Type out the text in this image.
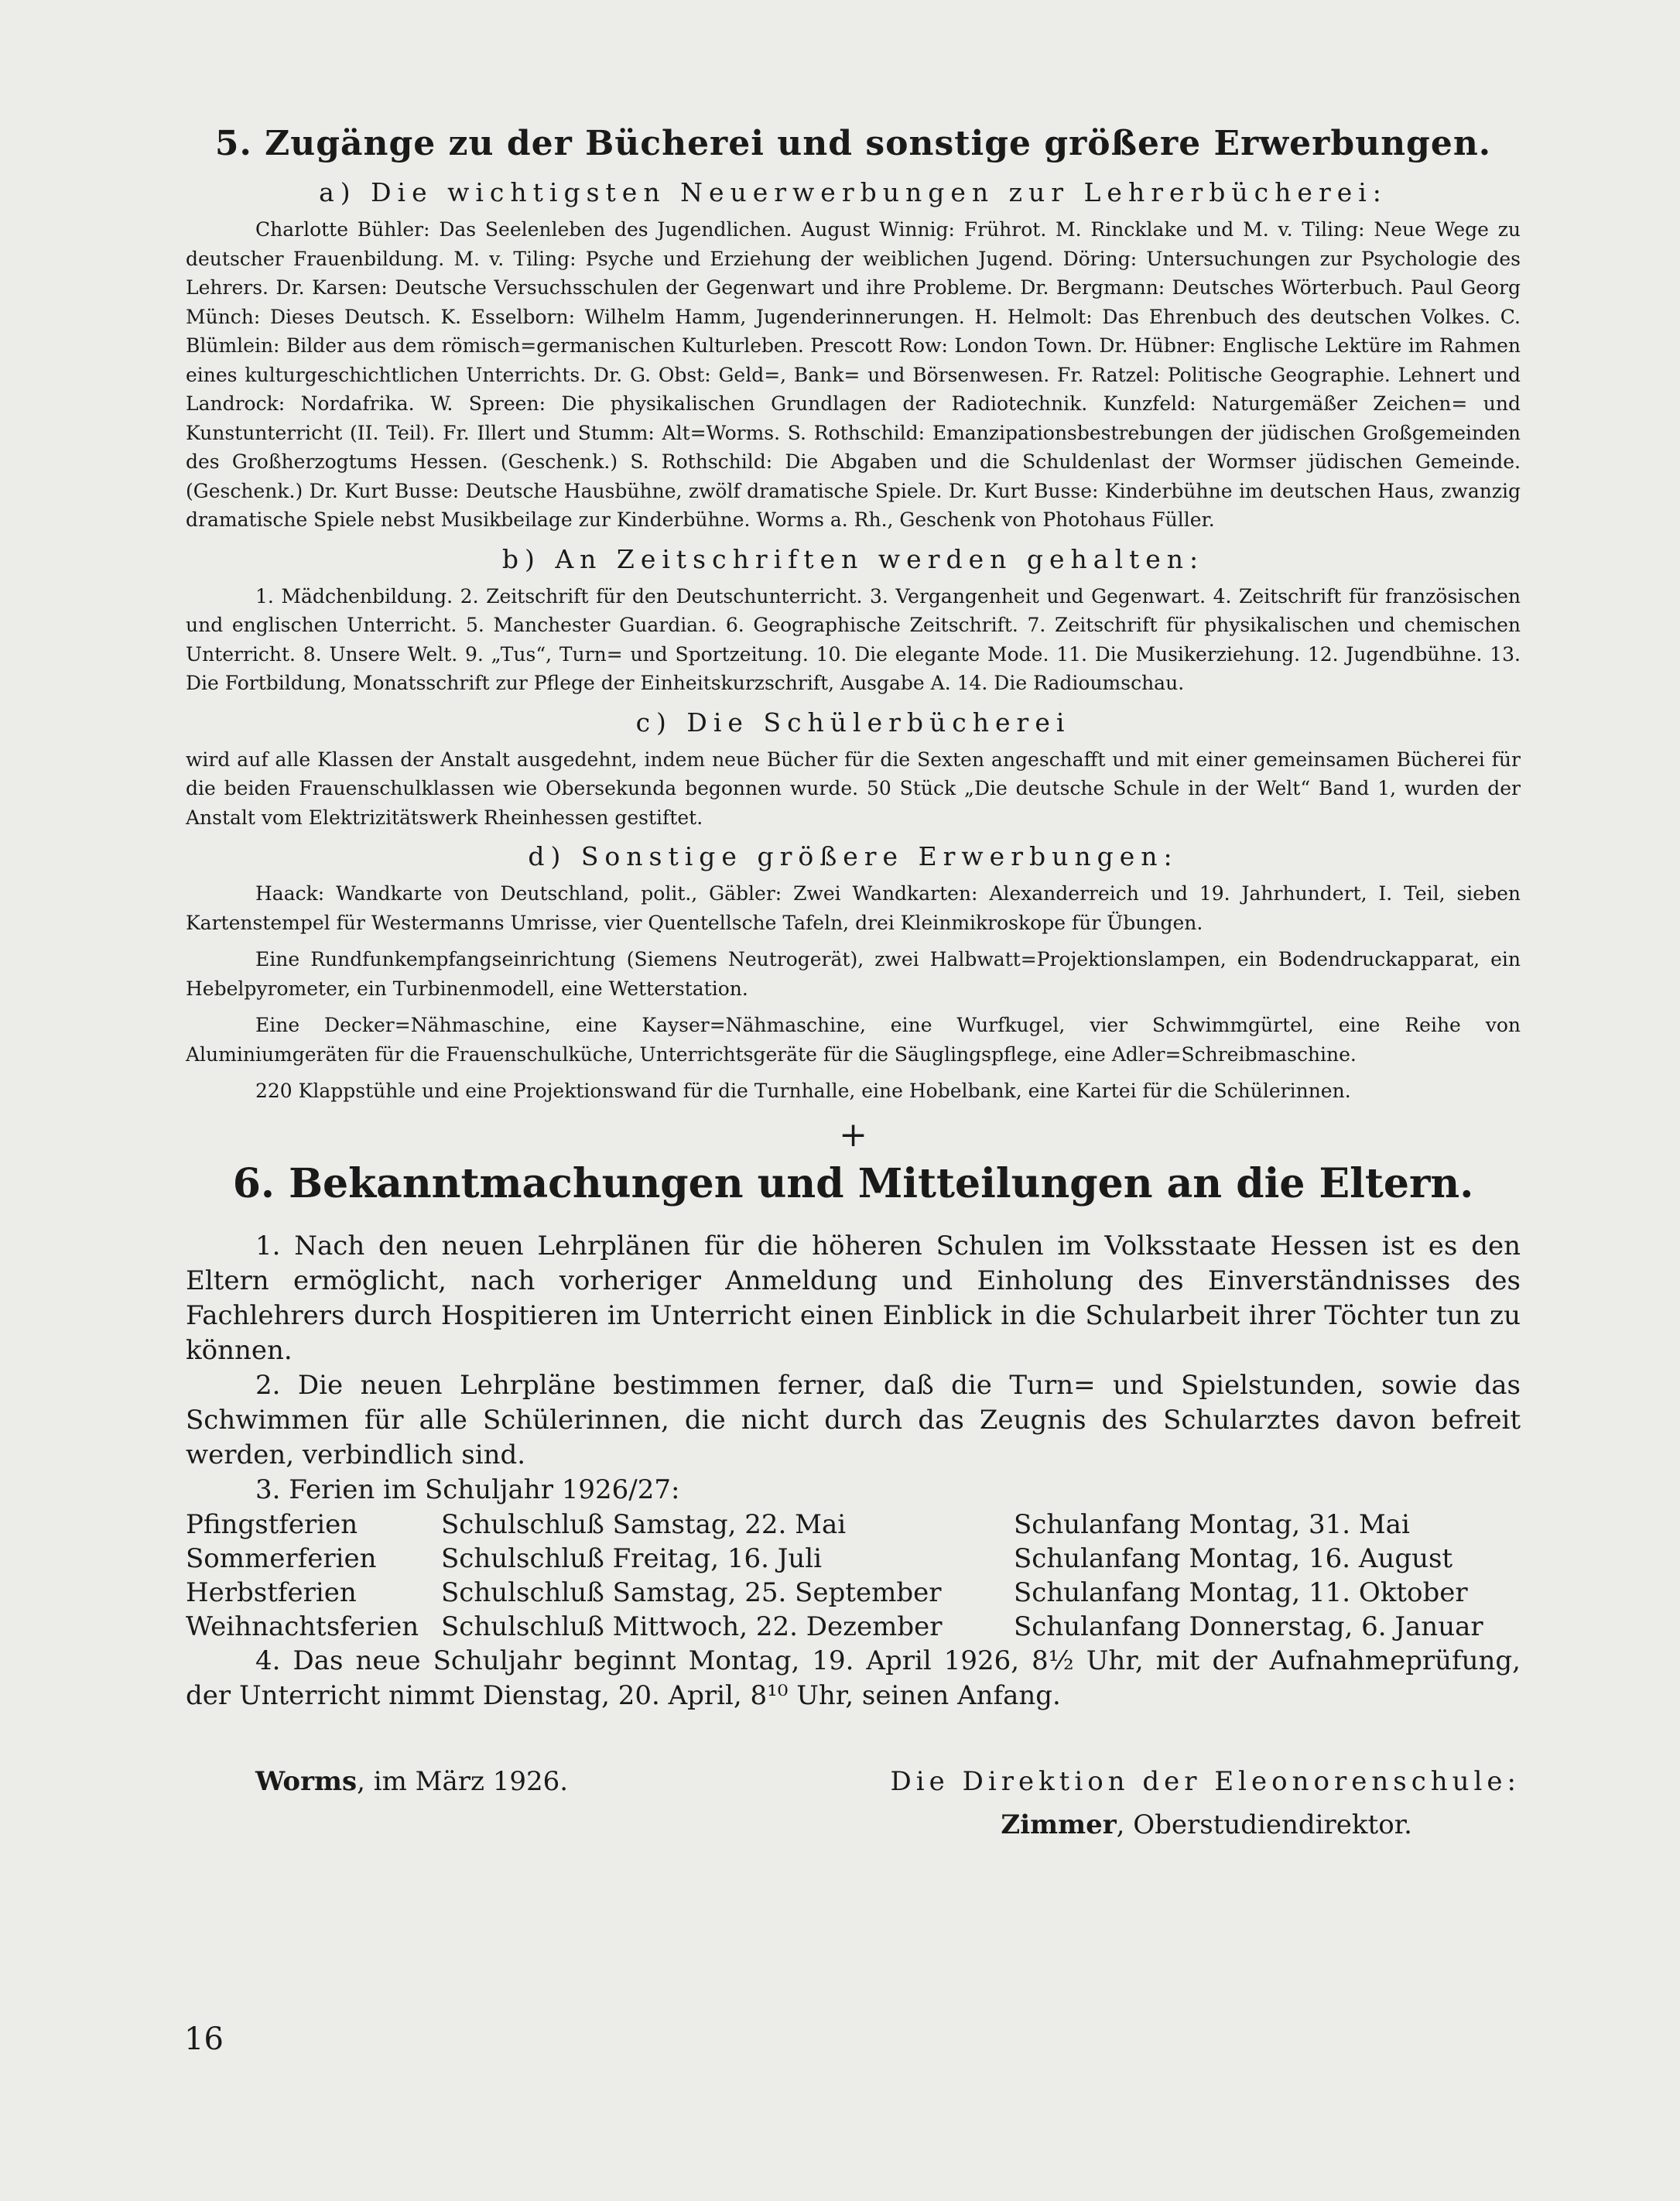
5. Zugänge zu der Bücherei und sonstige größere Erwerbungen.
a) Die wichtigsten Neuerwerbungen zur Lehrerbücherei:

Charlotte Bühler: Das Seelenleben des Jugendlichen. August Winnig: Frührot. M. Rincklake und M. v. Tiling: Neue Wege zu deutscher Frauenbildung. M. v. Tiling: Psyche und Erziehung der weiblichen Jugend. Döring: Untersuchungen zur Psychologie des Lehrers. Dr. Karsen: Deutsche Versuchsschulen der Gegenwart und ihre Probleme. Dr. Bergmann: Deutsches Wörterbuch. Paul Georg Münch: Dieses Deutsch. K. Esselborn: Wilhelm Hamm, Jugenderinnerungen. H. Helmolt: Das Ehrenbuch des deutschen Volkes. C. Blümlein: Bilder aus dem römisch=germanischen Kulturleben. Prescott Row: London Town. Dr. Hübner: Englische Lektüre im Rahmen eines kulturgeschichtlichen Unterrichts. Dr. G. Obst: Geld=, Bank= und Börsenwesen. Fr. Ratzel: Politische Geographie. Lehnert und Landrock: Nordafrika. W. Spreen: Die physikalischen Grundlagen der Radiotechnik. Kunzfeld: Naturgemäßer Zeichen= und Kunstunterricht (II. Teil). Fr. Illert und Stumm: Alt=Worms. S. Rothschild: Emanzipationsbestrebungen der jüdischen Großgemeinden des Großherzogtums Hessen. (Geschenk.) S. Rothschild: Die Abgaben und die Schuldenlast der Wormser jüdischen Gemeinde. (Geschenk.) Dr. Kurt Busse: Deutsche Hausbühne, zwölf dramatische Spiele. Dr. Kurt Busse: Kinderbühne im deutschen Haus, zwanzig dramatische Spiele nebst Musikbeilage zur Kinderbühne. Worms a. Rh., Geschenk von Photohaus Füller.

b) An Zeitschriften werden gehalten:

1. Mädchenbildung. 2. Zeitschrift für den Deutschunterricht. 3. Vergangenheit und Gegenwart. 4. Zeitschrift für französischen und englischen Unterricht. 5. Manchester Guardian. 6. Geographische Zeitschrift. 7. Zeitschrift für physikalischen und chemischen Unterricht. 8. Unsere Welt. 9. „Tus“, Turn= und Sportzeitung. 10. Die elegante Mode. 11. Die Musikerziehung. 12. Jugendbühne. 13. Die Fortbildung, Monatsschrift zur Pflege der Einheitskurzschrift, Ausgabe A. 14. Die Radioumschau.

c) Die Schülerbücherei

wird auf alle Klassen der Anstalt ausgedehnt, indem neue Bücher für die Sexten angeschafft und mit einer gemeinsamen Bücherei für die beiden Frauenschulklassen wie Obersekunda begonnen wurde. 50 Stück „Die deutsche Schule in der Welt“ Band 1, wurden der Anstalt vom Elektrizitätswerk Rheinhessen gestiftet.

d) Sonstige größere Erwerbungen:

Haack: Wandkarte von Deutschland, polit., Gäbler: Zwei Wandkarten: Alexanderreich und 19. Jahrhundert, I. Teil, sieben Kartenstempel für Westermanns Umrisse, vier Quentellsche Tafeln, drei Kleinmikroskope für Übungen.

Eine Rundfunkempfangseinrichtung (Siemens Neutrogerät), zwei Halbwatt=Projektionslampen, ein Bodendruckapparat, ein Hebelpyrometer, ein Turbinenmodell, eine Wetterstation.

Eine Decker=Nähmaschine, eine Kayser=Nähmaschine, eine Wurfkugel, vier Schwimmgürtel, eine Reihe von Aluminiumgeräten für die Frauenschulküche, Unterrichtsgeräte für die Säuglingspflege, eine Adler=Schreibmaschine.

220 Klappstühle und eine Projektionswand für die Turnhalle, eine Hobelbank, eine Kartei für die Schülerinnen.

+
6. Bekanntmachungen und Mitteilungen an die Eltern.

1. Nach den neuen Lehrplänen für die höheren Schulen im Volksstaate Hessen ist es den Eltern ermöglicht, nach vorheriger Anmeldung und Einholung des Einverständnisses des Fachlehrers durch Hospitieren im Unterricht einen Einblick in die Schularbeit ihrer Töchter tun zu können.

2. Die neuen Lehrpläne bestimmen ferner, daß die Turn= und Spielstunden, sowie das Schwimmen für alle Schülerinnen, die nicht durch das Zeugnis des Schularztes davon befreit werden, verbindlich sind.

3. Ferien im Schuljahr 1926/27:

Pfingstferien	Schulschluß Samstag, 22. Mai	Schulanfang Montag, 31. Mai
Sommerferien	Schulschluß Freitag, 16. Juli	Schulanfang Montag, 16. August
Herbstferien	Schulschluß Samstag, 25. September	Schulanfang Montag, 11. Oktober
Weihnachtsferien	Schulschluß Mittwoch, 22. Dezember	Schulanfang Donnerstag, 6. Januar

4. Das neue Schuljahr beginnt Montag, 19. April 1926, 8½ Uhr, mit der Aufnahmeprüfung, der Unterricht nimmt Dienstag, 20. April, 8¹⁰ Uhr, seinen Anfang.

Worms, im März 1926.	Die Direktion der Eleonorenschule:
Zimmer, Oberstudiendirektor.
16
